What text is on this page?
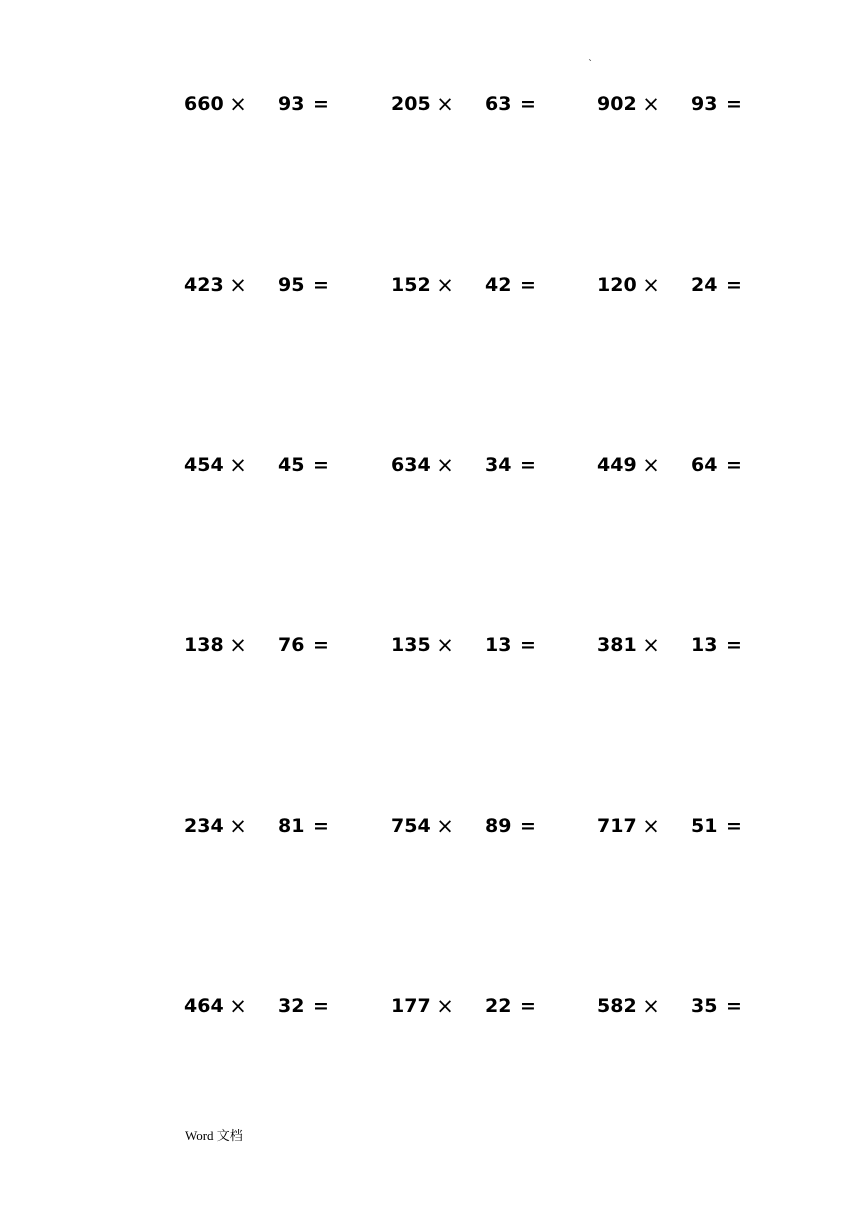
`
660 × 93 =	205 × 63 =	902 × 93 =
423 × 95 =	152 × 42 =	120 × 24 =
454 × 45 =	634 × 34 =	449 × 64 =
138 × 76 =	135 × 13 =	381 × 13 =
234 × 81 =	754 × 89 =	717 × 51 =
464 × 32 =	177 × 22 =	582 × 35 =
Word 文档
